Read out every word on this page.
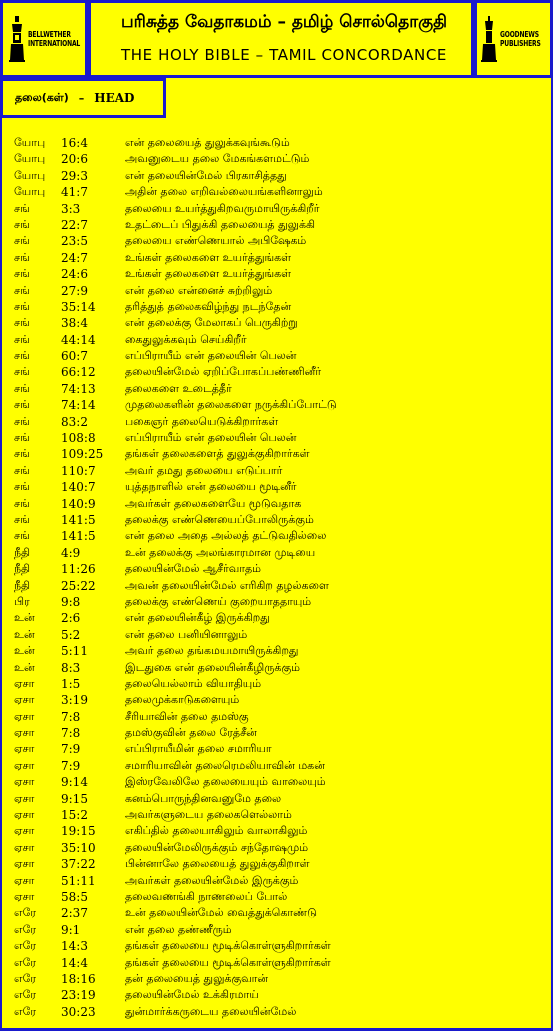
BELLWETHER
INTERNATIONAL
பரிசுத்த வேதாகமம் – தமிழ் சொல்தொகுதி
THE HOLY BIBLE – TAMIL CONCORDANCE
GOODNEWS
PUBLISHERS
தலை(கள்) – HEAD
யோபு 16:4	என் தலையைத் துலுக்கவுங்கூடும்
யோபு 20:6	அவனுடைய தலை மேகங்களமட்டும்
யோபு 29:3	என் தலையின்மேல் பிரகாசித்தது
யோபு 41:7	அதின் தலை எறிவல்லையங்களினாலும்
சங்	3:3	தலையை உயர்த்துகிறவருமாயிருக்கிறீர்
சங்	22:7	உதட்டைப் பிதுக்கி தலையைத் துலுக்கி
சங்	23:5	தலையை எண்ணெயால் அபிஷேகம்
சங்	24:7	உங்கள் தலைகளை உயர்த்துங்கள்
சங்	24:6	உங்கள் தலைகளை உயர்த்துங்கள்
சங்	27:9	என் தலை என்னைச் சுற்றிலும்
சங்	35:14	தரித்துத் தலைகவிழ்ந்து நடந்தேன்
சங்	38:4	என் தலைக்கு மேலாகப் பெருகிற்று
சங்	44:14	கைதுலுக்கவும் செய்கிறீர்
சங்	60:7	எப்பிராயீம் என் தலையின் பெலன்
சங்	66:12	தலையின்மேல் ஏறிப்போகப்பண்ணினீர்
சங்	74:13	தலைகளை உடைத்தீர்
சங்	74:14	முதலைகளின் தலைகளை நருக்கிப்போட்டு
சங்	83:2	பகைஞர் தலையெடுக்கிறார்கள்
சங்	108:8	எப்பிராயீம் என் தலையின் பெலன்
சங்	109:25 தங்கள் தலைகளைத் துலுக்குகிறார்கள்
சங்	110:7	அவர் தமது தலையை எடுப்பார்
சங்	140:7	யுத்தநாளில் என் தலையை மூடினீர்
சங்	140:9	அவர்கள் தலைகளையே மூடுவதாக
சங்	141:5	தலைக்கு எண்ணெயைப்போலிருக்கும்
சங்	141:5	என் தலை அதை அல்லத் தட்டுவதில்லை
நீதி	4:9	உன் தலைக்கு அலங்காரமான முடியை
நீதி	11:26	தலையின்மேல் ஆசீர்வாதம்
நீதி	25:22	அவன் தலையின்மேல் எரிகிற தழல்களை
பிர	9:8	தலைக்கு எண்ணெய் குறையாததாயும்
உன் 2:6	என் தலையின்கீழ் இருக்கிறது
உன் 5:2	என் தலை பனியினாலும்
உன் 5:11	அவர் தலை தங்கமயமாயிருக்கிறது
உன் 8:3	இடதுகை என் தலையின்கீழிருக்கும்
ஏசா 1:5	தலையெல்லாம் வியாதியும்
ஏசா 3:19	தலைமுக்காடுகளையும்
ஏசா 7:8	சீரியாவின் தலை தமஸ்கு
ஏசா 7:8	தமஸ்குவின் தலை ரேத்சீன்
ஏசா 7:9	எப்பிராயீமின் தலை சமாரியா
ஏசா 7:9	சமாரியாவின் தலைரெமலியாவின் மகன்
ஏசா 9:14	இஸ்ரவேலிலே தலையையும் வாலையும்
ஏசா 9:15	கனம்பொருந்தினவனுமே தலை
ஏசா 15:2	அவர்களுடைய தலைகளெல்லாம்
ஏசா 19:15	எகிப்தில் தலையாகிலும் வாலாகிலும்
ஏசா 35:10	தலையின்மேலிருக்கும் சந்தோஷமும்
ஏசா 37:22	பின்னாலே தலையைத் துலுக்குகிறாள்
ஏசா 51:11	அவர்கள் தலையின்மேல் இருக்கும்
ஏசா 58:5	தலைவணங்கி நாணலைப் போல்
எரே 2:37	உன் தலையின்மேல் வைத்துக்கொண்டு
எரே 9:1	என் தலை தண்ணீரும்
எரே 14:3	தங்கள் தலையை மூடிக்கொள்ளுகிறார்கள்
எரே 14:4	தங்கள் தலையை மூடிக்கொள்ளுகிறார்கள்
எரே 18:16	தன் தலையைத் துலுக்குவான்
எரே 23:19	தலையின்மேல் உக்கிரமாய்
எரே 30:23	துன்மார்க்கருடைய தலையின்மேல்
